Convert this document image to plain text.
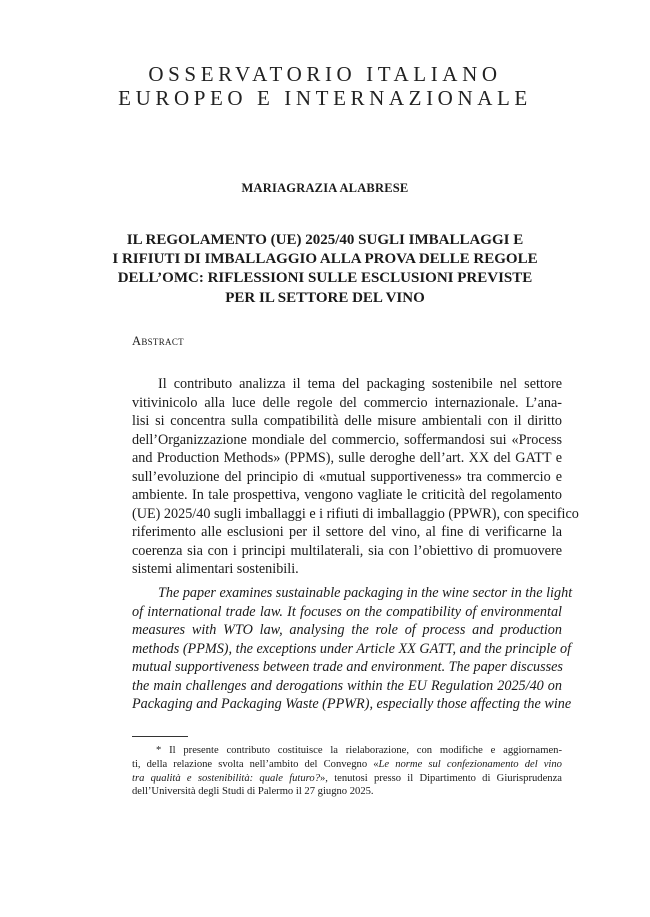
OSSERVATORIO ITALIANO
EUROPEO E INTERNAZIONALE
MARIAGRAZIA ALABRESE
IL REGOLAMENTO (UE) 2025/40 SUGLI IMBALLAGGI E
I RIFIUTI DI IMBALLAGGIO ALLA PROVA DELLE REGOLE
DELL’OMC: RIFLESSIONI SULLE ESCLUSIONI PREVISTE
PER IL SETTORE DEL VINO
Abstract
Il contributo analizza il tema del packaging sostenibile nel settore
vitivinicolo alla luce delle regole del commercio internazionale. L’ana-
lisi si concentra sulla compatibilità delle misure ambientali con il diritto
dell’Organizzazione mondiale del commercio, soffermandosi sui «Process
and Production Methods» (PPMS), sulle deroghe dell’art. XX del GATT e
sull’evoluzione del principio di «mutual supportiveness» tra commercio e
ambiente. In tale prospettiva, vengono vagliate le criticità del regolamento
(UE) 2025/40 sugli imballaggi e i rifiuti di imballaggio (PPWR), con specifico
riferimento alle esclusioni per il settore del vino, al fine di verificarne la
coerenza sia con i principi multilaterali, sia con l’obiettivo di promuovere
sistemi alimentari sostenibili.
The paper examines sustainable packaging in the wine sector in the light
of international trade law. It focuses on the compatibility of environmental
measures with WTO law, analysing the role of process and production
methods (PPMS), the exceptions under Article XX GATT, and the principle of
mutual supportiveness between trade and environment. The paper discusses
the main challenges and derogations within the EU Regulation 2025/40 on
Packaging and Packaging Waste (PPWR), especially those affecting the wine
* Il presente contributo costituisce la rielaborazione, con modifiche e aggiornamen-
ti, della relazione svolta nell’ambito del Convegno «Le norme sul confezionamento del vino
tra qualità e sostenibilità: quale futuro?», tenutosi presso il Dipartimento di Giurisprudenza
dell’Università degli Studi di Palermo il 27 giugno 2025.
